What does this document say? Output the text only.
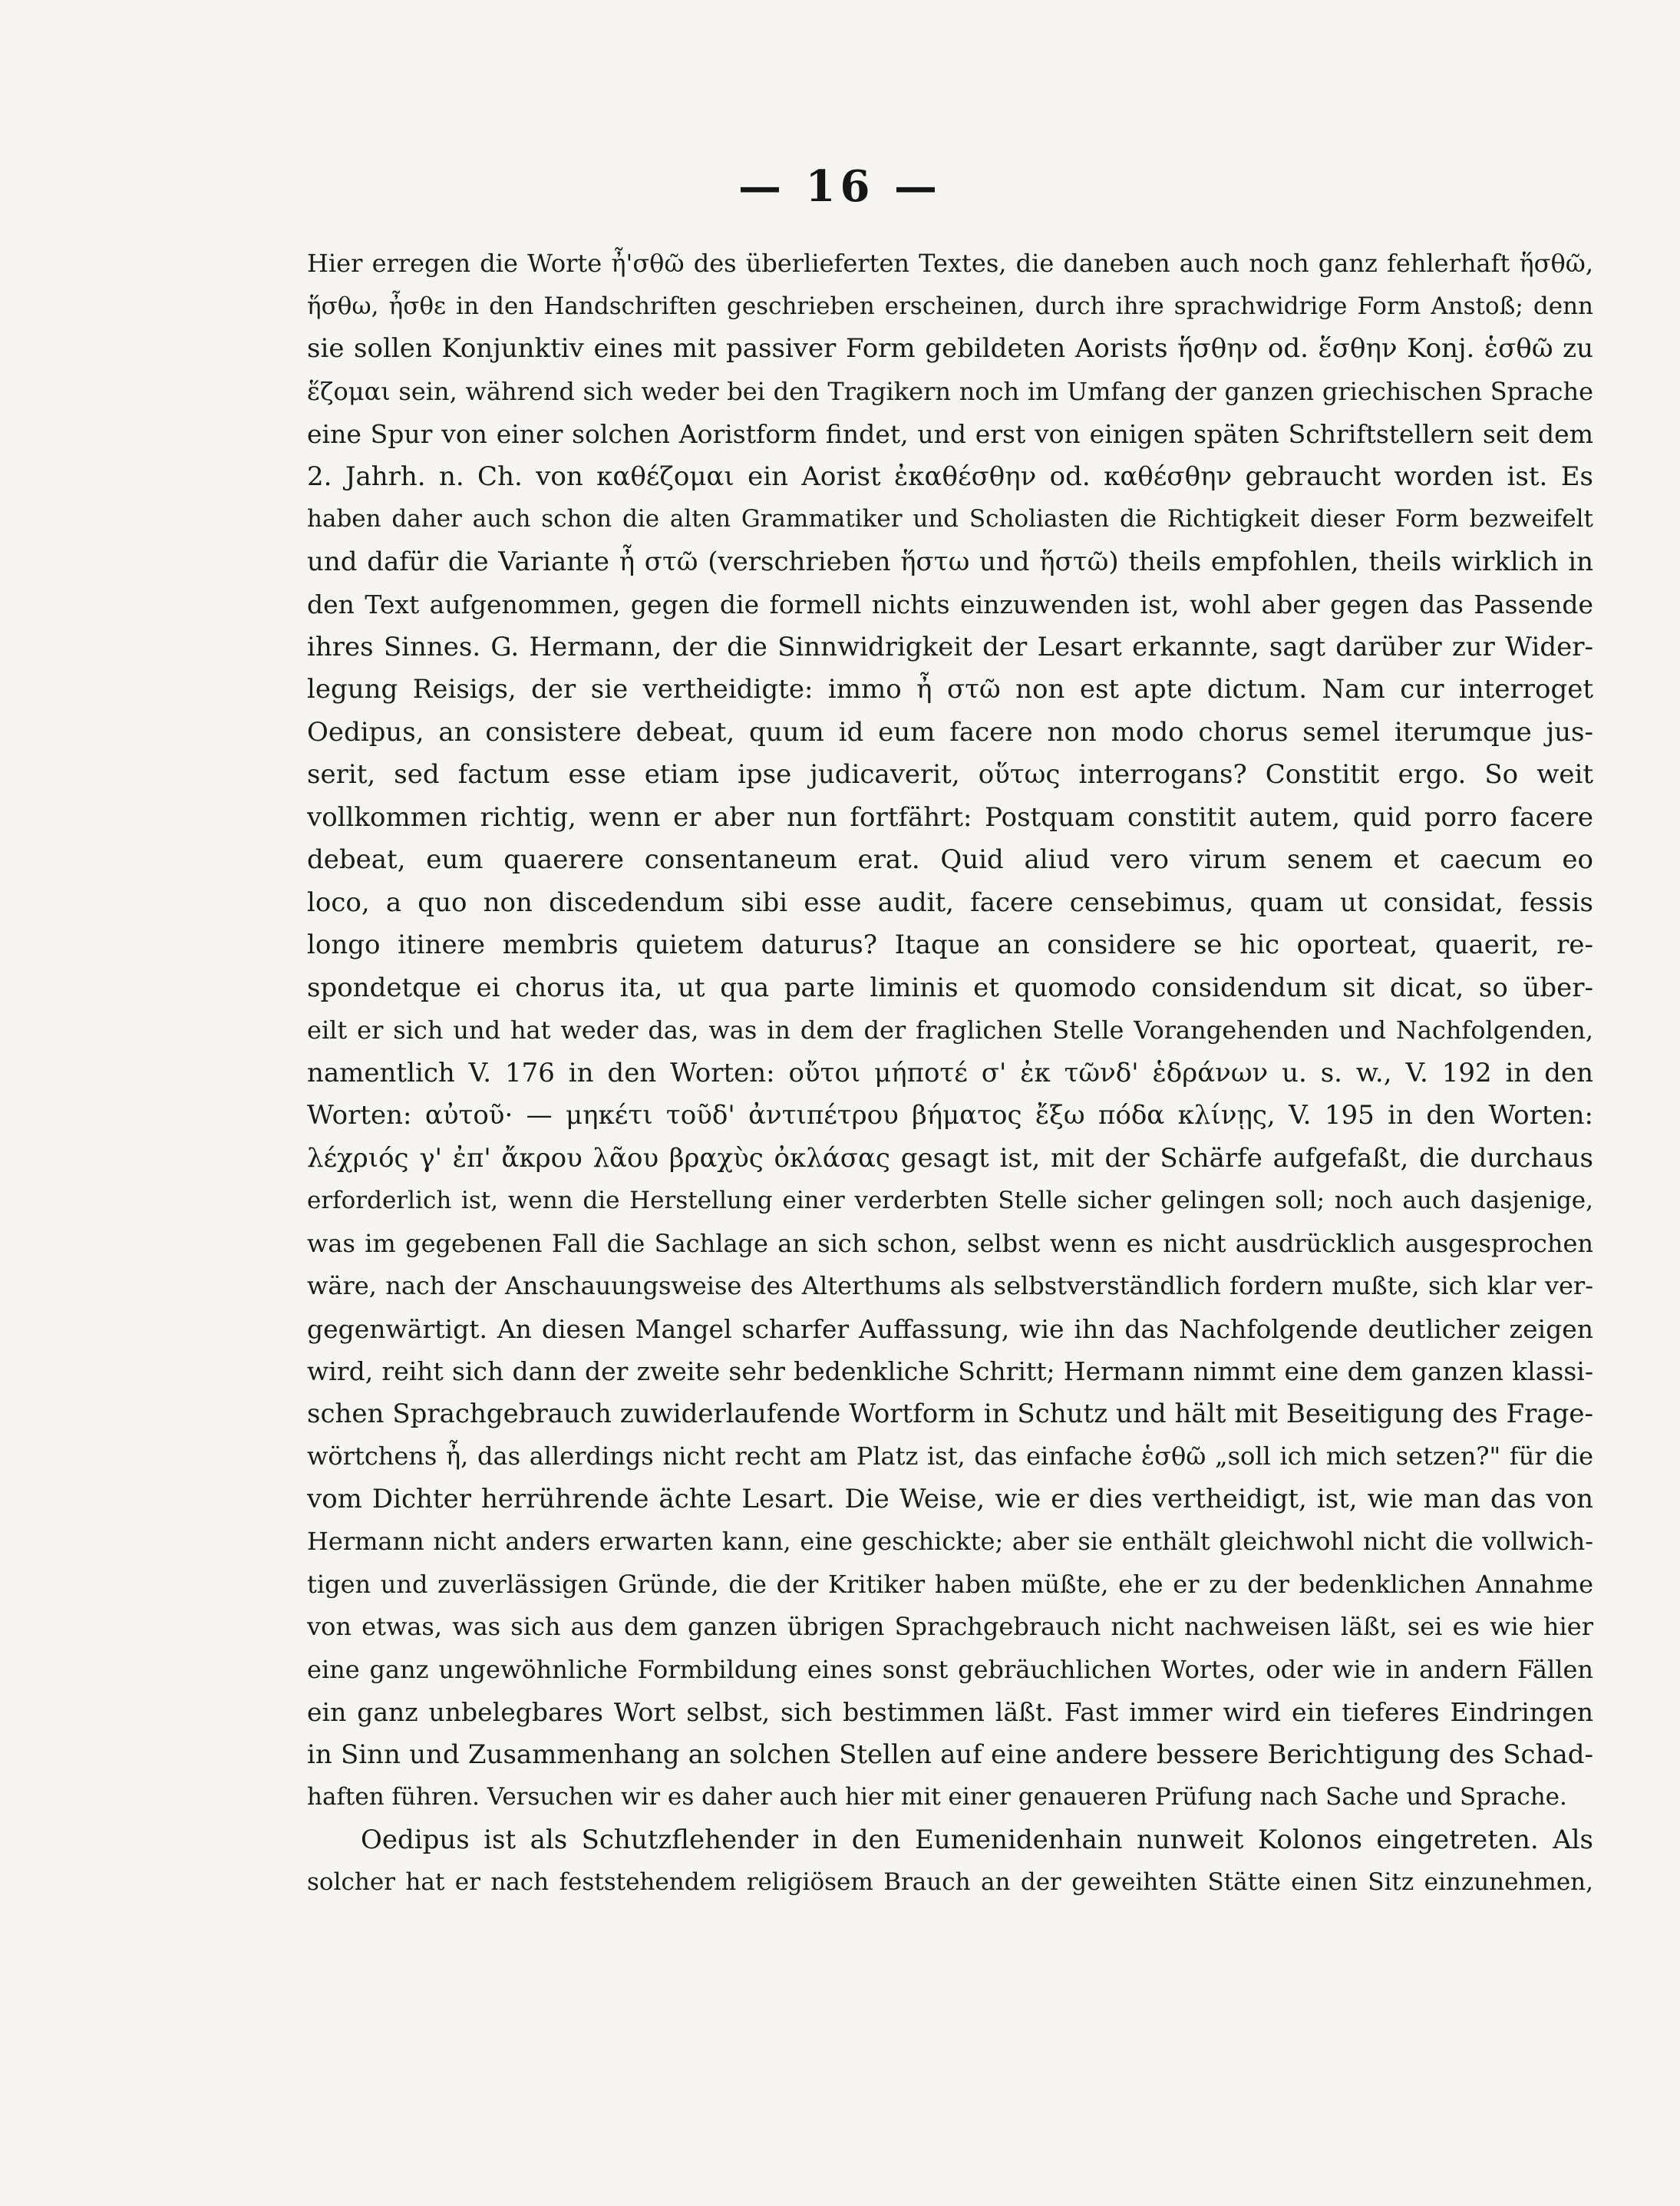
— 16 —
Hier erregen die Worte ἦ'σθῶ des überlieferten Textes, die daneben auch noch ganz fehlerhaft ἥσθῶ,
ἥσθω, ἦσθε in den Handschriften geschrieben erscheinen, durch ihre sprachwidrige Form Anstoß; denn
sie sollen Konjunktiv eines mit passiver Form gebildeten Aorists ἥσθην od. ἕσθην Konj. ἑσθῶ zu
ἕζομαι sein, während sich weder bei den Tragikern noch im Umfang der ganzen griechischen Sprache
eine Spur von einer solchen Aoristform findet, und erst von einigen späten Schriftstellern seit dem
2. Jahrh. n. Ch. von καθέζομαι ein Aorist ἐκαθέσθην od. καθέσθην gebraucht worden ist. Es
haben daher auch schon die alten Grammatiker und Scholiasten die Richtigkeit dieser Form bezweifelt
und dafür die Variante ἦ στῶ (verschrieben ἥστω und ἥστῶ) theils empfohlen, theils wirklich in
den Text aufgenommen, gegen die formell nichts einzuwenden ist, wohl aber gegen das Passende
ihres Sinnes. G. Hermann, der die Sinnwidrigkeit der Lesart erkannte, sagt darüber zur Wider-
legung Reisigs, der sie vertheidigte: immo ἦ στῶ non est apte dictum. Nam cur interroget
Oedipus, an consistere debeat, quum id eum facere non modo chorus semel iterumque jus-
serit, sed factum esse etiam ipse judicaverit, οὕτως interrogans? Constitit ergo. So weit
vollkommen richtig, wenn er aber nun fortfährt: Postquam constitit autem, quid porro facere
debeat, eum quaerere consentaneum erat. Quid aliud vero virum senem et caecum eo
loco, a quo non discedendum sibi esse audit, facere censebimus, quam ut considat, fessis
longo itinere membris quietem daturus? Itaque an considere se hic oporteat, quaerit, re-
spondetque ei chorus ita, ut qua parte liminis et quomodo considendum sit dicat, so über-
eilt er sich und hat weder das, was in dem der fraglichen Stelle Vorangehenden und Nachfolgenden,
namentlich V. 176 in den Worten: οὔτοι μήποτέ σ' ἐκ τῶνδ' ἑδράνων u. s. w., V. 192 in den
Worten: αὐτοῦ· — μηκέτι τοῦδ' ἀντιπέτρου βήματος ἔξω πόδα κλίνῃς, V. 195 in den Worten:
λέχριός γ' ἐπ' ἄκρου λᾶου βραχὺς ὀκλάσας gesagt ist, mit der Schärfe aufgefaßt, die durchaus
erforderlich ist, wenn die Herstellung einer verderbten Stelle sicher gelingen soll; noch auch dasjenige,
was im gegebenen Fall die Sachlage an sich schon, selbst wenn es nicht ausdrücklich ausgesprochen
wäre, nach der Anschauungsweise des Alterthums als selbstverständlich fordern mußte, sich klar ver-
gegenwärtigt. An diesen Mangel scharfer Auffassung, wie ihn das Nachfolgende deutlicher zeigen
wird, reiht sich dann der zweite sehr bedenkliche Schritt; Hermann nimmt eine dem ganzen klassi-
schen Sprachgebrauch zuwiderlaufende Wortform in Schutz und hält mit Beseitigung des Frage-
wörtchens ἦ, das allerdings nicht recht am Platz ist, das einfache ἑσθῶ „soll ich mich setzen?" für die
vom Dichter herrührende ächte Lesart. Die Weise, wie er dies vertheidigt, ist, wie man das von
Hermann nicht anders erwarten kann, eine geschickte; aber sie enthält gleichwohl nicht die vollwich-
tigen und zuverlässigen Gründe, die der Kritiker haben müßte, ehe er zu der bedenklichen Annahme
von etwas, was sich aus dem ganzen übrigen Sprachgebrauch nicht nachweisen läßt, sei es wie hier
eine ganz ungewöhnliche Formbildung eines sonst gebräuchlichen Wortes, oder wie in andern Fällen
ein ganz unbelegbares Wort selbst, sich bestimmen läßt. Fast immer wird ein tieferes Eindringen
in Sinn und Zusammenhang an solchen Stellen auf eine andere bessere Berichtigung des Schad-
haften führen. Versuchen wir es daher auch hier mit einer genaueren Prüfung nach Sache und Sprache.
Oedipus ist als Schutzflehender in den Eumenidenhain nunweit Kolonos eingetreten. Als
solcher hat er nach feststehendem religiösem Brauch an der geweihten Stätte einen Sitz einzunehmen,
